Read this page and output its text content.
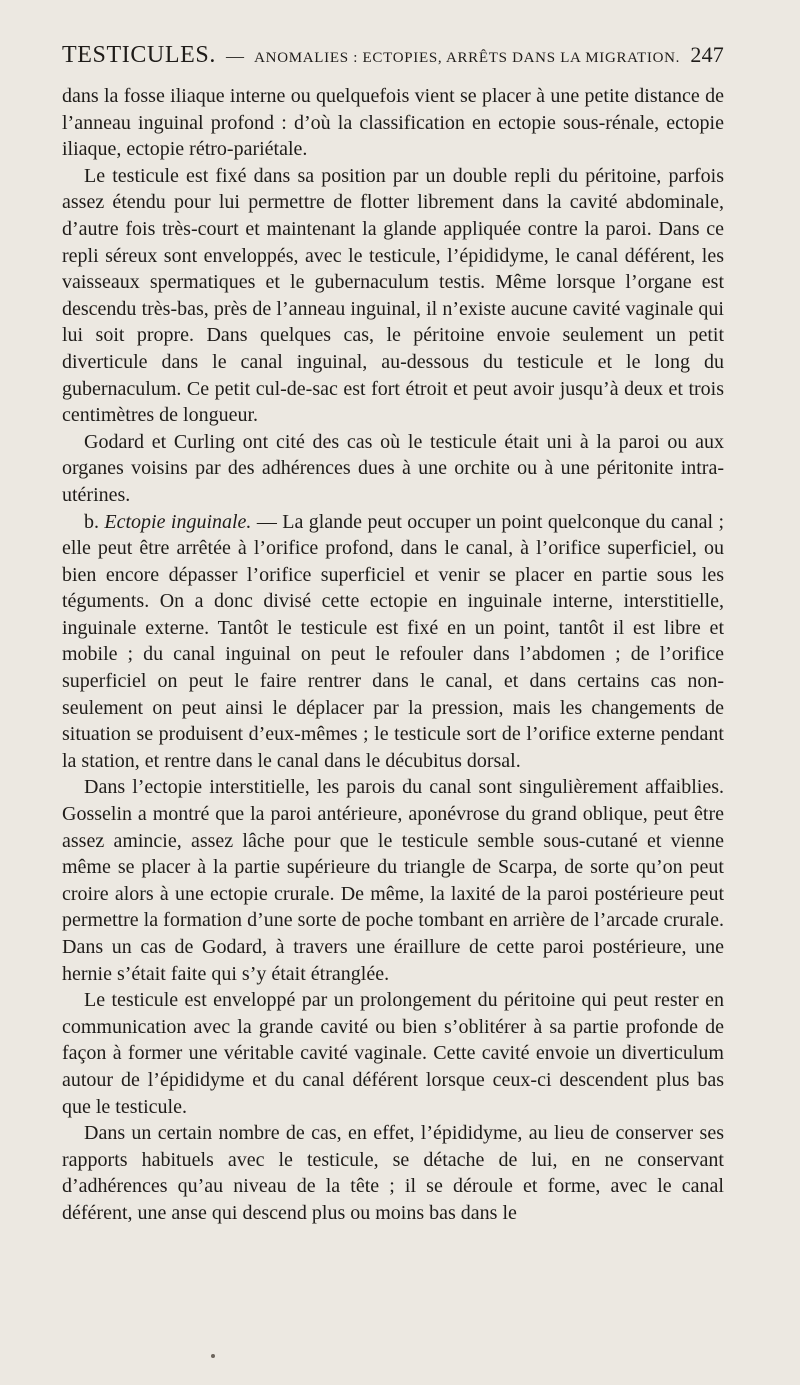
TESTICULES. — ANOMALIES : ECTOPIES, ARRÊTS DANS LA MIGRATION. 247

dans la fosse iliaque interne ou quelquefois vient se placer à une petite distance de l’anneau inguinal profond : d’où la classification en ectopie sous-rénale, ectopie iliaque, ectopie rétro-pariétale.

Le testicule est fixé dans sa position par un double repli du péritoine, parfois assez étendu pour lui permettre de flotter librement dans la cavité abdominale, d’autre fois très-court et maintenant la glande appliquée contre la paroi. Dans ce repli séreux sont enveloppés, avec le testicule, l’épididyme, le canal déférent, les vaisseaux spermatiques et le gubernaculum testis. Même lorsque l’organe est descendu très-bas, près de l’anneau inguinal, il n’existe aucune cavité vaginale qui lui soit propre. Dans quelques cas, le péritoine envoie seulement un petit diverticule dans le canal inguinal, au-dessous du testicule et le long du gubernaculum. Ce petit cul-de-sac est fort étroit et peut avoir jusqu’à deux et trois centimètres de longueur.

Godard et Curling ont cité des cas où le testicule était uni à la paroi ou aux organes voisins par des adhérences dues à une orchite ou à une péritonite intra-utérines.

b. Ectopie inguinale. — La glande peut occuper un point quelconque du canal ; elle peut être arrêtée à l’orifice profond, dans le canal, à l’orifice superficiel, ou bien encore dépasser l’orifice superficiel et venir se placer en partie sous les téguments. On a donc divisé cette ectopie en inguinale interne, interstitielle, inguinale externe. Tantôt le testicule est fixé en un point, tantôt il est libre et mobile ; du canal inguinal on peut le refouler dans l’abdomen ; de l’orifice superficiel on peut le faire rentrer dans le canal, et dans certains cas non-seulement on peut ainsi le déplacer par la pression, mais les changements de situation se produisent d’eux-mêmes ; le testicule sort de l’orifice externe pendant la station, et rentre dans le canal dans le décubitus dorsal.

Dans l’ectopie interstitielle, les parois du canal sont singulièrement affaiblies. Gosselin a montré que la paroi antérieure, aponévrose du grand oblique, peut être assez amincie, assez lâche pour que le testicule semble sous-cutané et vienne même se placer à la partie supérieure du triangle de Scarpa, de sorte qu’on peut croire alors à une ectopie crurale. De même, la laxité de la paroi postérieure peut permettre la formation d’une sorte de poche tombant en arrière de l’arcade crurale. Dans un cas de Godard, à travers une éraillure de cette paroi postérieure, une hernie s’était faite qui s’y était étranglée.

Le testicule est enveloppé par un prolongement du péritoine qui peut rester en communication avec la grande cavité ou bien s’oblitérer à sa partie profonde de façon à former une véritable cavité vaginale. Cette cavité envoie un diverticulum autour de l’épididyme et du canal déférent lorsque ceux-ci descendent plus bas que le testicule.

Dans un certain nombre de cas, en effet, l’épididyme, au lieu de conserver ses rapports habituels avec le testicule, se détache de lui, en ne conservant d’adhérences qu’au niveau de la tête ; il se déroule et forme, avec le canal déférent, une anse qui descend plus ou moins bas dans le
